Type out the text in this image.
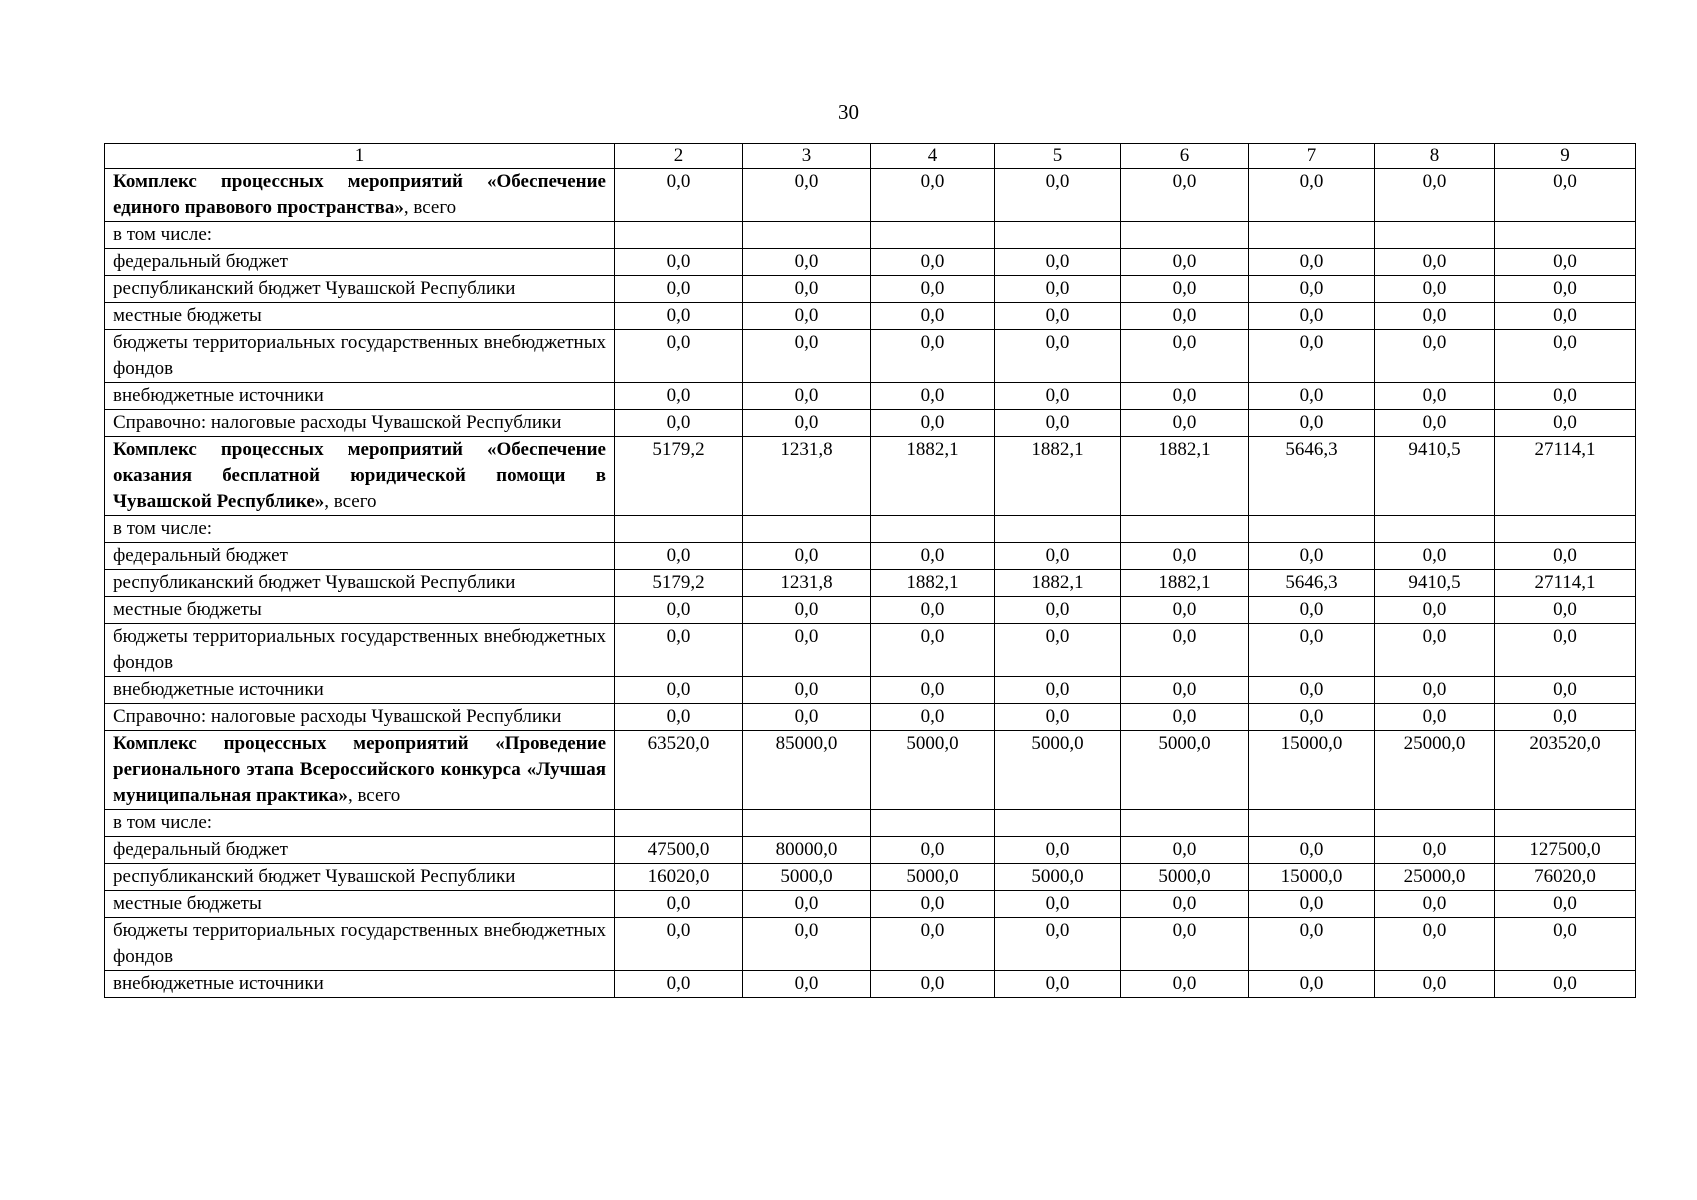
30
1	2	3	4	5	6	7	8	9
Комплекс процессных мероприятий «Обеспечение единого правового пространства», всего	0,0	0,0	0,0	0,0	0,0	0,0	0,0	0,0
в том числе:								
федеральный бюджет	0,0	0,0	0,0	0,0	0,0	0,0	0,0	0,0
республиканский бюджет Чувашской Республики	0,0	0,0	0,0	0,0	0,0	0,0	0,0	0,0
местные бюджеты	0,0	0,0	0,0	0,0	0,0	0,0	0,0	0,0
бюджеты территориальных государственных внебюджетных фондов	0,0	0,0	0,0	0,0	0,0	0,0	0,0	0,0
внебюджетные источники	0,0	0,0	0,0	0,0	0,0	0,0	0,0	0,0
Справочно: налоговые расходы Чувашской Республики	0,0	0,0	0,0	0,0	0,0	0,0	0,0	0,0
Комплекс процессных мероприятий «Обеспечение оказания бесплатной юридической помощи в Чувашской Республике», всего	5179,2	1231,8	1882,1	1882,1	1882,1	5646,3	9410,5	27114,1
в том числе:								
федеральный бюджет	0,0	0,0	0,0	0,0	0,0	0,0	0,0	0,0
республиканский бюджет Чувашской Республики	5179,2	1231,8	1882,1	1882,1	1882,1	5646,3	9410,5	27114,1
местные бюджеты	0,0	0,0	0,0	0,0	0,0	0,0	0,0	0,0
бюджеты территориальных государственных внебюджетных фондов	0,0	0,0	0,0	0,0	0,0	0,0	0,0	0,0
внебюджетные источники	0,0	0,0	0,0	0,0	0,0	0,0	0,0	0,0
Справочно: налоговые расходы Чувашской Республики	0,0	0,0	0,0	0,0	0,0	0,0	0,0	0,0
Комплекс процессных мероприятий «Проведение регионального этапа Всероссийского конкурса «Лучшая муниципальная практика», всего	63520,0	85000,0	5000,0	5000,0	5000,0	15000,0	25000,0	203520,0
в том числе:								
федеральный бюджет	47500,0	80000,0	0,0	0,0	0,0	0,0	0,0	127500,0
республиканский бюджет Чувашской Республики	16020,0	5000,0	5000,0	5000,0	5000,0	15000,0	25000,0	76020,0
местные бюджеты	0,0	0,0	0,0	0,0	0,0	0,0	0,0	0,0
бюджеты территориальных государственных внебюджетных фондов	0,0	0,0	0,0	0,0	0,0	0,0	0,0	0,0
внебюджетные источники	0,0	0,0	0,0	0,0	0,0	0,0	0,0	0,0
